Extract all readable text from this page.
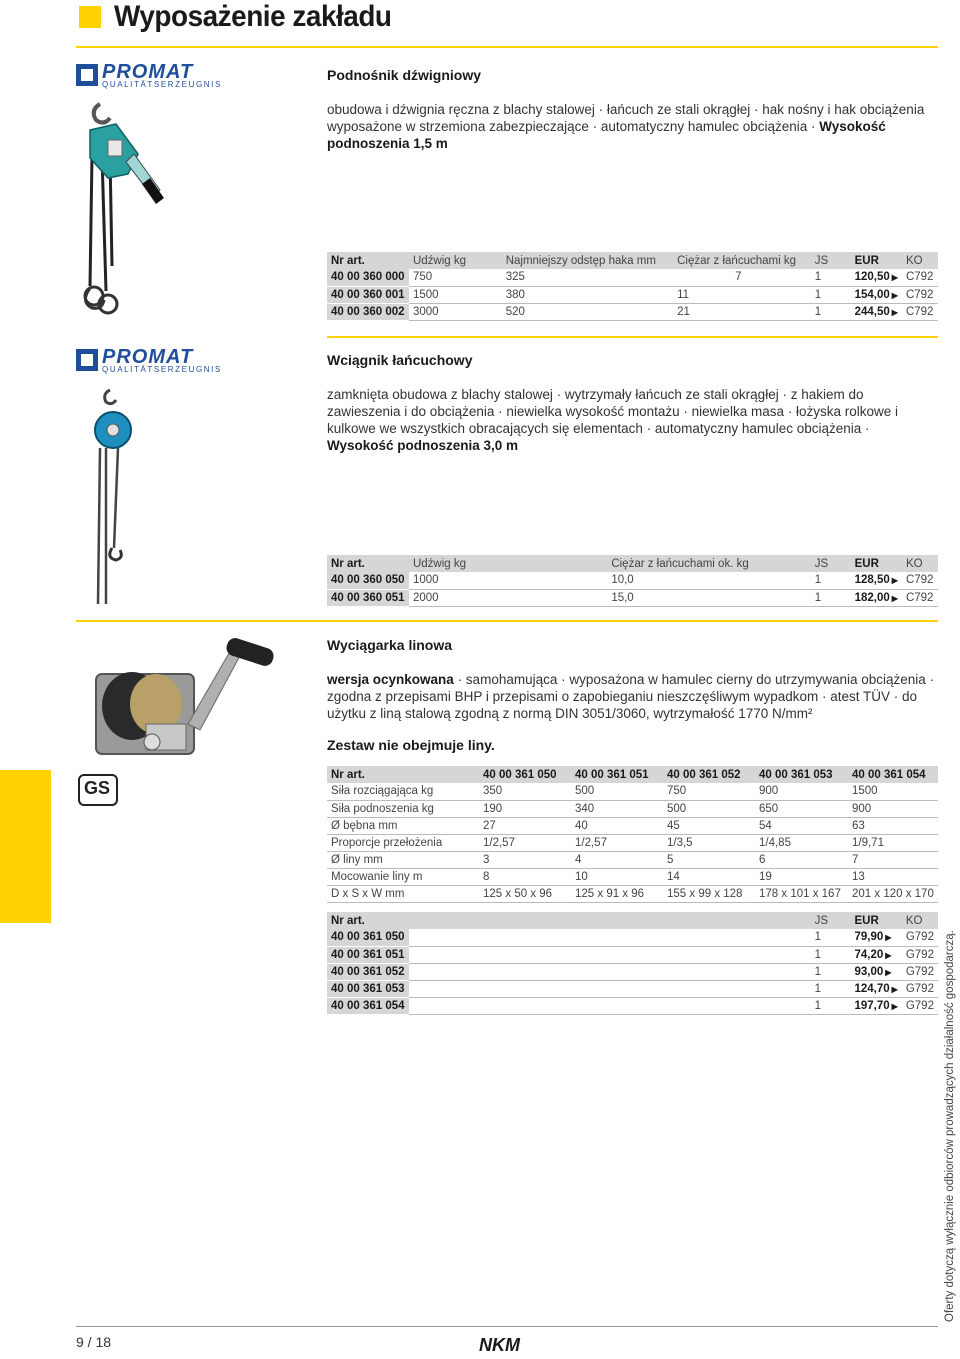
Wyposażenie zakładu
PROMAT
QUALITÄTSERZEUGNIS
Podnośnik dźwigniowy
obudowa i dźwignia ręczna z blachy stalowej · łańcuch ze stali okrągłej · hak nośny i hak obciążenia wyposażone w strzemiona zabezpieczające · automatyczny hamulec obciążenia · Wysokość podnoszenia 1,5 m
Nr art.	Udźwig kg	Najmniejszy odstęp haka mm	Ciężar z łańcuchami kg	JS	EUR	KO
40 00 360 000	750	325	7	1	120,50 ▶	C792
40 00 360 001	1500	380	11	1	154,00 ▶	C792
40 00 360 002	3000	520	21	1	244,50 ▶	C792
PROMAT
QUALITÄTSERZEUGNIS
Wciągnik łańcuchowy
zamknięta obudowa z blachy stalowej · wytrzymały łańcuch ze stali okrągłej · z hakiem do zawieszenia i do obciążenia · niewielka wysokość montażu · niewielka masa · łożyska rolkowe i kulkowe we wszystkich obracających się elementach · automatyczny hamulec obciążenia · Wysokość podnoszenia 3,0 m
Nr art.	Udźwig kg	Ciężar z łańcuchami ok. kg	JS	EUR	KO
40 00 360 050	1000	10,0	1	128,50 ▶	C792
40 00 360 051	2000	15,0	1	182,00 ▶	C792
Wyciągarka linowa
wersja ocynkowana · samohamująca · wyposażona w hamulec cierny do utrzymywania obciążenia · zgodna z przepisami BHP i przepisami o zapobieganiu nieszczęśliwym wypadkom · atest TÜV · do użytku z liną stalową zgodną z normą DIN 3051/3060, wytrzymałość 1770 N/mm²
Zestaw nie obejmuje liny.
GS
Nr art.	40 00 361 050	40 00 361 051	40 00 361 052	40 00 361 053	40 00 361 054
Siła rozciągająca kg	350	500	750	900	1500
Siła podnoszenia kg	190	340	500	650	900
Ø bębna mm	27	40	45	54	63
Proporcje przełożenia	1/2,57	1/2,57	1/3,5	1/4,85	1/9,71
Ø liny mm	3	4	5	6	7
Mocowanie liny m	8	10	14	19	13
D x S x W mm	125 x 50 x 96	125 x 91 x 96	155 x 99 x 128	178 x 101 x 167	201 x 120 x 170
Nr art.		JS	EUR	KO
40 00 361 050		1	79,90 ▶	G792
40 00 361 051		1	74,20 ▶	G792
40 00 361 052		1	93,00 ▶	G792
40 00 361 053		1	124,70 ▶	G792
40 00 361 054		1	197,70 ▶	G792
9 / 18	NKM
Oferty dotyczą wyłącznie odbiorców prowadzących działalność gospodarczą.
